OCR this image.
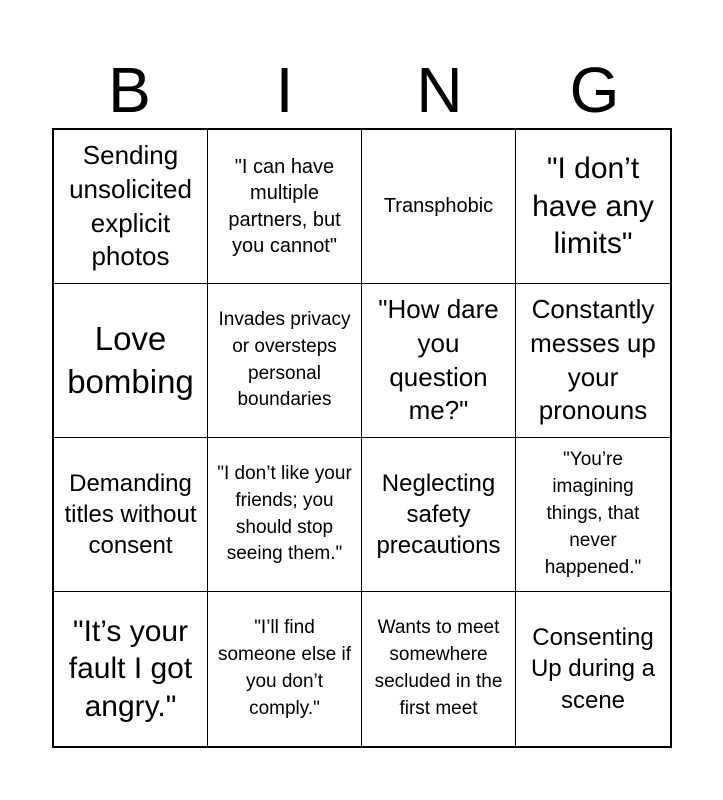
B	I	N	G
Sending unsolicited explicit photos
"I can have multiple partners, but you cannot"
Transphobic
"I don’t have any limits"
Love bombing
Invades privacy or oversteps personal boundaries
"How dare you question me?"
Constantly messes up your pronouns
Demanding titles without consent
"I don’t like your friends; you should stop seeing them."
Neglecting safety precautions
"You’re imagining things, that never happened."
"It’s your fault I got angry."
"I’ll find someone else if you don’t comply."
Wants to meet somewhere secluded in the first meet
Consenting Up during a scene
